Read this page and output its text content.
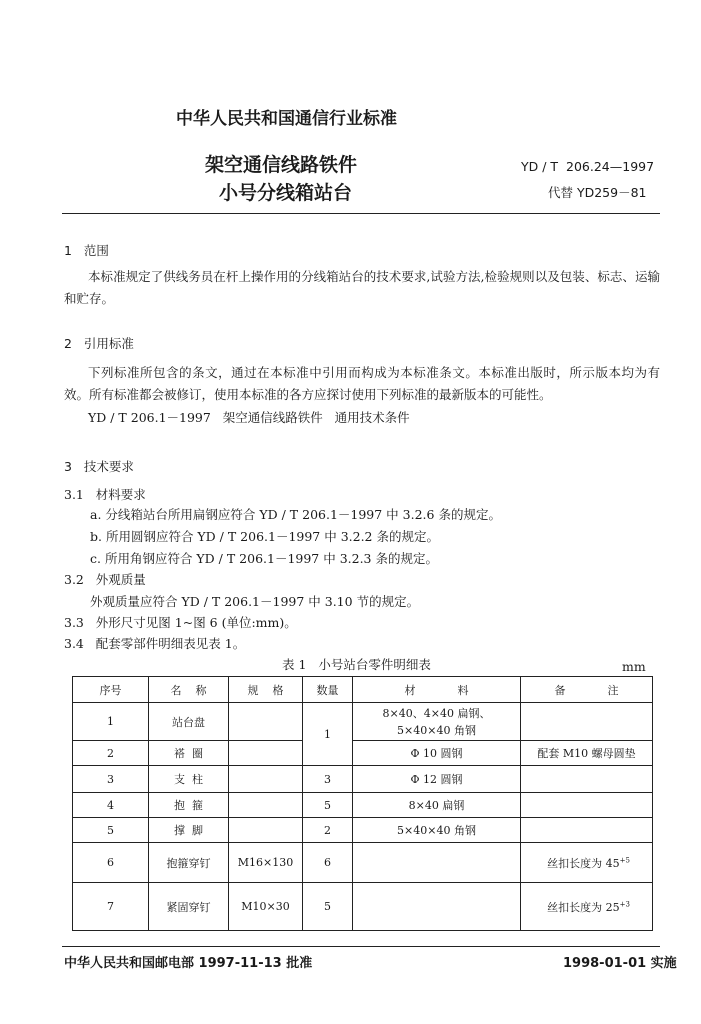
中华人民共和国通信行业标准
架空通信线路铁件
小号分线箱站台
YD / T  206.24—1997
代替 YD259－81
1   范围
本标准规定了供线务员在杆上操作用的分线箱站台的技术要求,试验方法,检验规则以及包装、标志、运输和贮存。
2   引用标准
下列标准所包含的条文，通过在本标准中引用而构成为本标准条文。本标准出版时，所示版本均为有效。所有标准都会被修订，使用本标准的各方应探讨使用下列标准的最新版本的可能性。
YD / T 206.1－1997   架空通信线路铁件   通用技术条件
3   技术要求
3.1   材料要求
a. 分线箱站台所用扁钢应符合 YD / T 206.1－1997 中 3.2.6 条的规定。
b. 所用圆钢应符合 YD / T 206.1－1997 中 3.2.2 条的规定。
c. 所用角钢应符合 YD / T 206.1－1997 中 3.2.3 条的规定。
3.2   外观质量
外观质量应符合 YD / T 206.1－1997 中 3.10 节的规定。
3.3   外形尺寸见图 1~图 6 (单位:mm)。
3.4   配套零部件明细表见表 1。
表 1   小号站台零件明细表	mm
序号	名    称	规    格	数量	材            料	备            注
1	站台盘		1	8×40、4×40 扁钢、
5×40×40 角钢	

2	褡  圈			Φ 10 圆钢	配套 M10 螺母圆垫
3	支  柱		3	Φ 12 圆钢	
4	抱  箍		5	8×40 扁钢	
5	撑  脚		2	5×40×40 角钢	
6	抱箍穿钉	M16×130	6		丝扣长度为 $45^{+5}$
7	紧固穿钉	M10×30	5		丝扣长度为 $25^{+3}$
中华人民共和国邮电部 1997-11-13 批准	1998-01-01 实施
